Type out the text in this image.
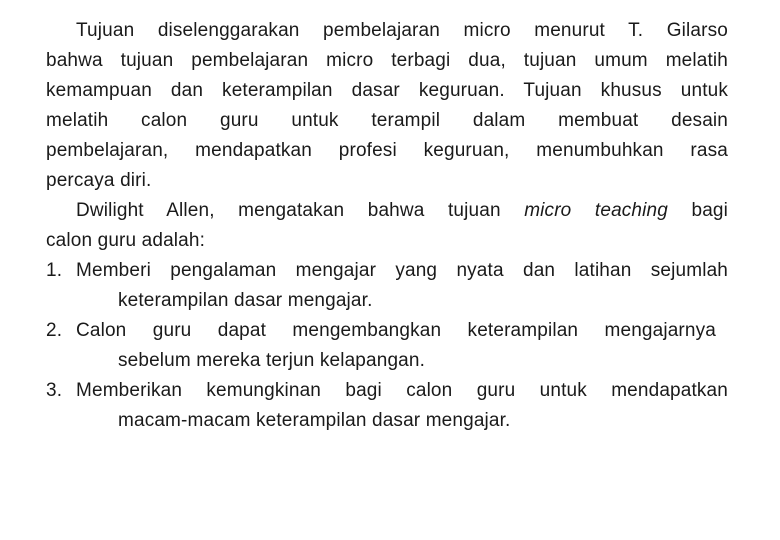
Tujuan diselenggarakan pembelajaran micro menurut T. Gilarso
bahwa tujuan pembelajaran micro terbagi dua, tujuan umum melatih
kemampuan dan keterampilan dasar keguruan. Tujuan khusus untuk
melatih calon guru untuk terampil dalam membuat desain
pembelajaran, mendapatkan profesi keguruan, menumbuhkan rasa
percaya diri.

Dwilight Allen, mengatakan bahwa tujuan micro teaching bagi
calon guru adalah:

1. Memberi pengalaman mengajar yang nyata dan latihan sejumlah
keterampilan dasar mengajar.
2. Calon guru dapat mengembangkan keterampilan mengajarnya
sebelum mereka terjun kelapangan.
3. Memberikan kemungkinan bagi calon guru untuk mendapatkan
macam-macam keterampilan dasar mengajar.
